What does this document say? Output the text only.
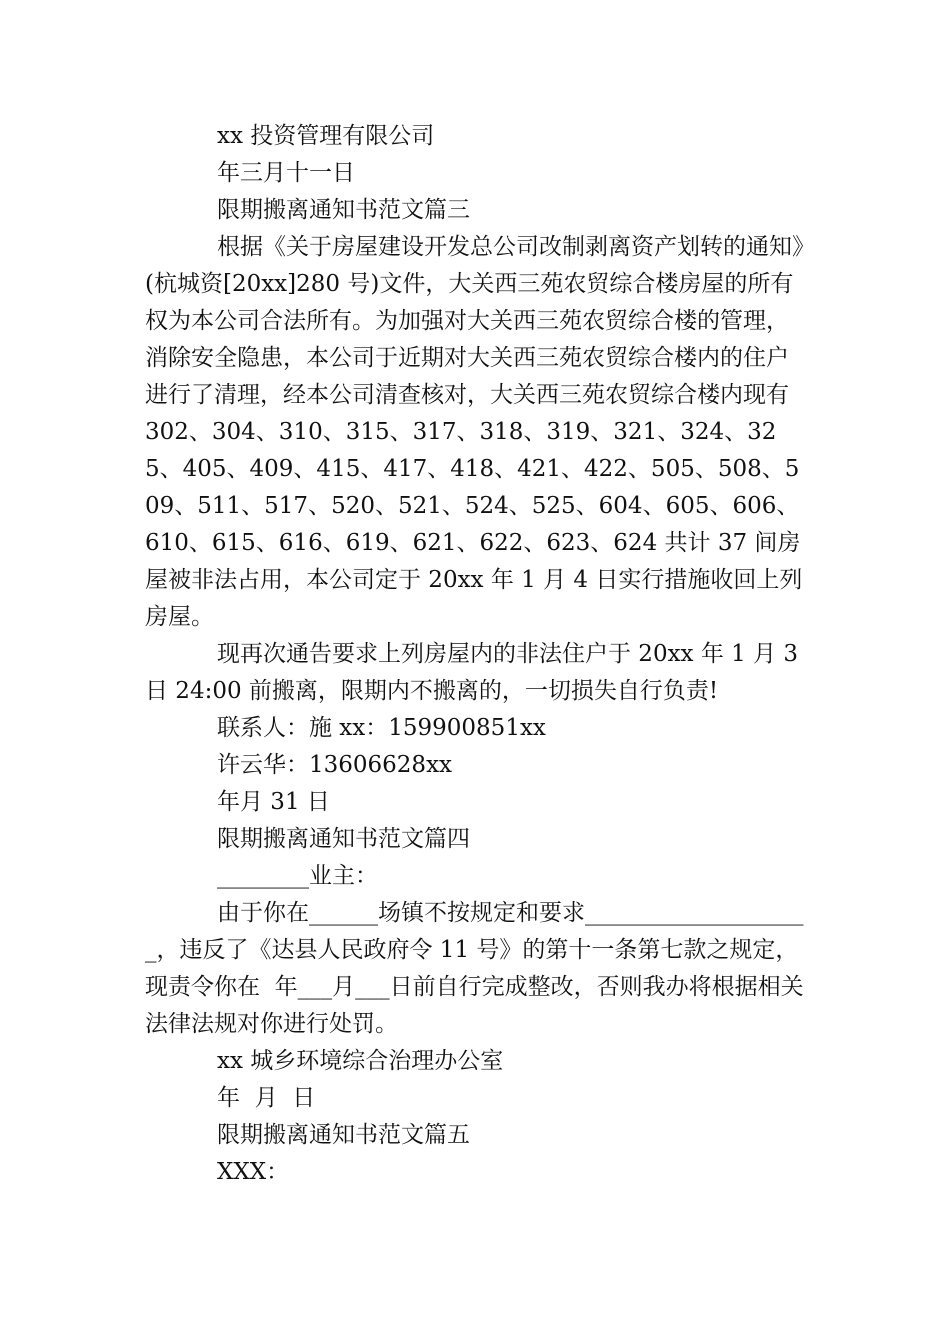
xx 投资管理有限公司

年三月十一日

限期搬离通知书范文篇三

根据《关于房屋建设开发总公司改制剥离资产划转的通知》(杭城资[20xx]280 号)文件，大关西三苑农贸综合楼房屋的所有权为本公司合法所有。为加强对大关西三苑农贸综合楼的管理，消除安全隐患，本公司于近期对大关西三苑农贸综合楼内的住户进行了清理，经本公司清查核对，大关西三苑农贸综合楼内现有

302、304、310、315、317、318、319、321、324、325、405、409、415、417、418、421、422、505、508、509、511、517、520、521、524、525、604、605、606、610、615、616、619、621、622、623、624 共计 37 间房屋被非法占用，本公司定于 20xx 年 1 月 4 日实行措施收回上列房屋。

现再次通告要求上列房屋内的非法住户于 20xx 年 1 月 3 日 24:00 前搬离，限期内不搬离的，一切损失自行负责!

联系人：施 xx：159900851xx

许云华：13606628xx

年月 31 日

限期搬离通知书范文篇四

________业主：

由于你在______场镇不按规定和要求____________________，违反了《达县人民政府令 11 号》的第十一条第七款之规定，现责令你在  年___月___日前自行完成整改，否则我办将根据相关法律法规对你进行处罚。

xx 城乡环境综合治理办公室

年  月  日

限期搬离通知书范文篇五

XXX：
